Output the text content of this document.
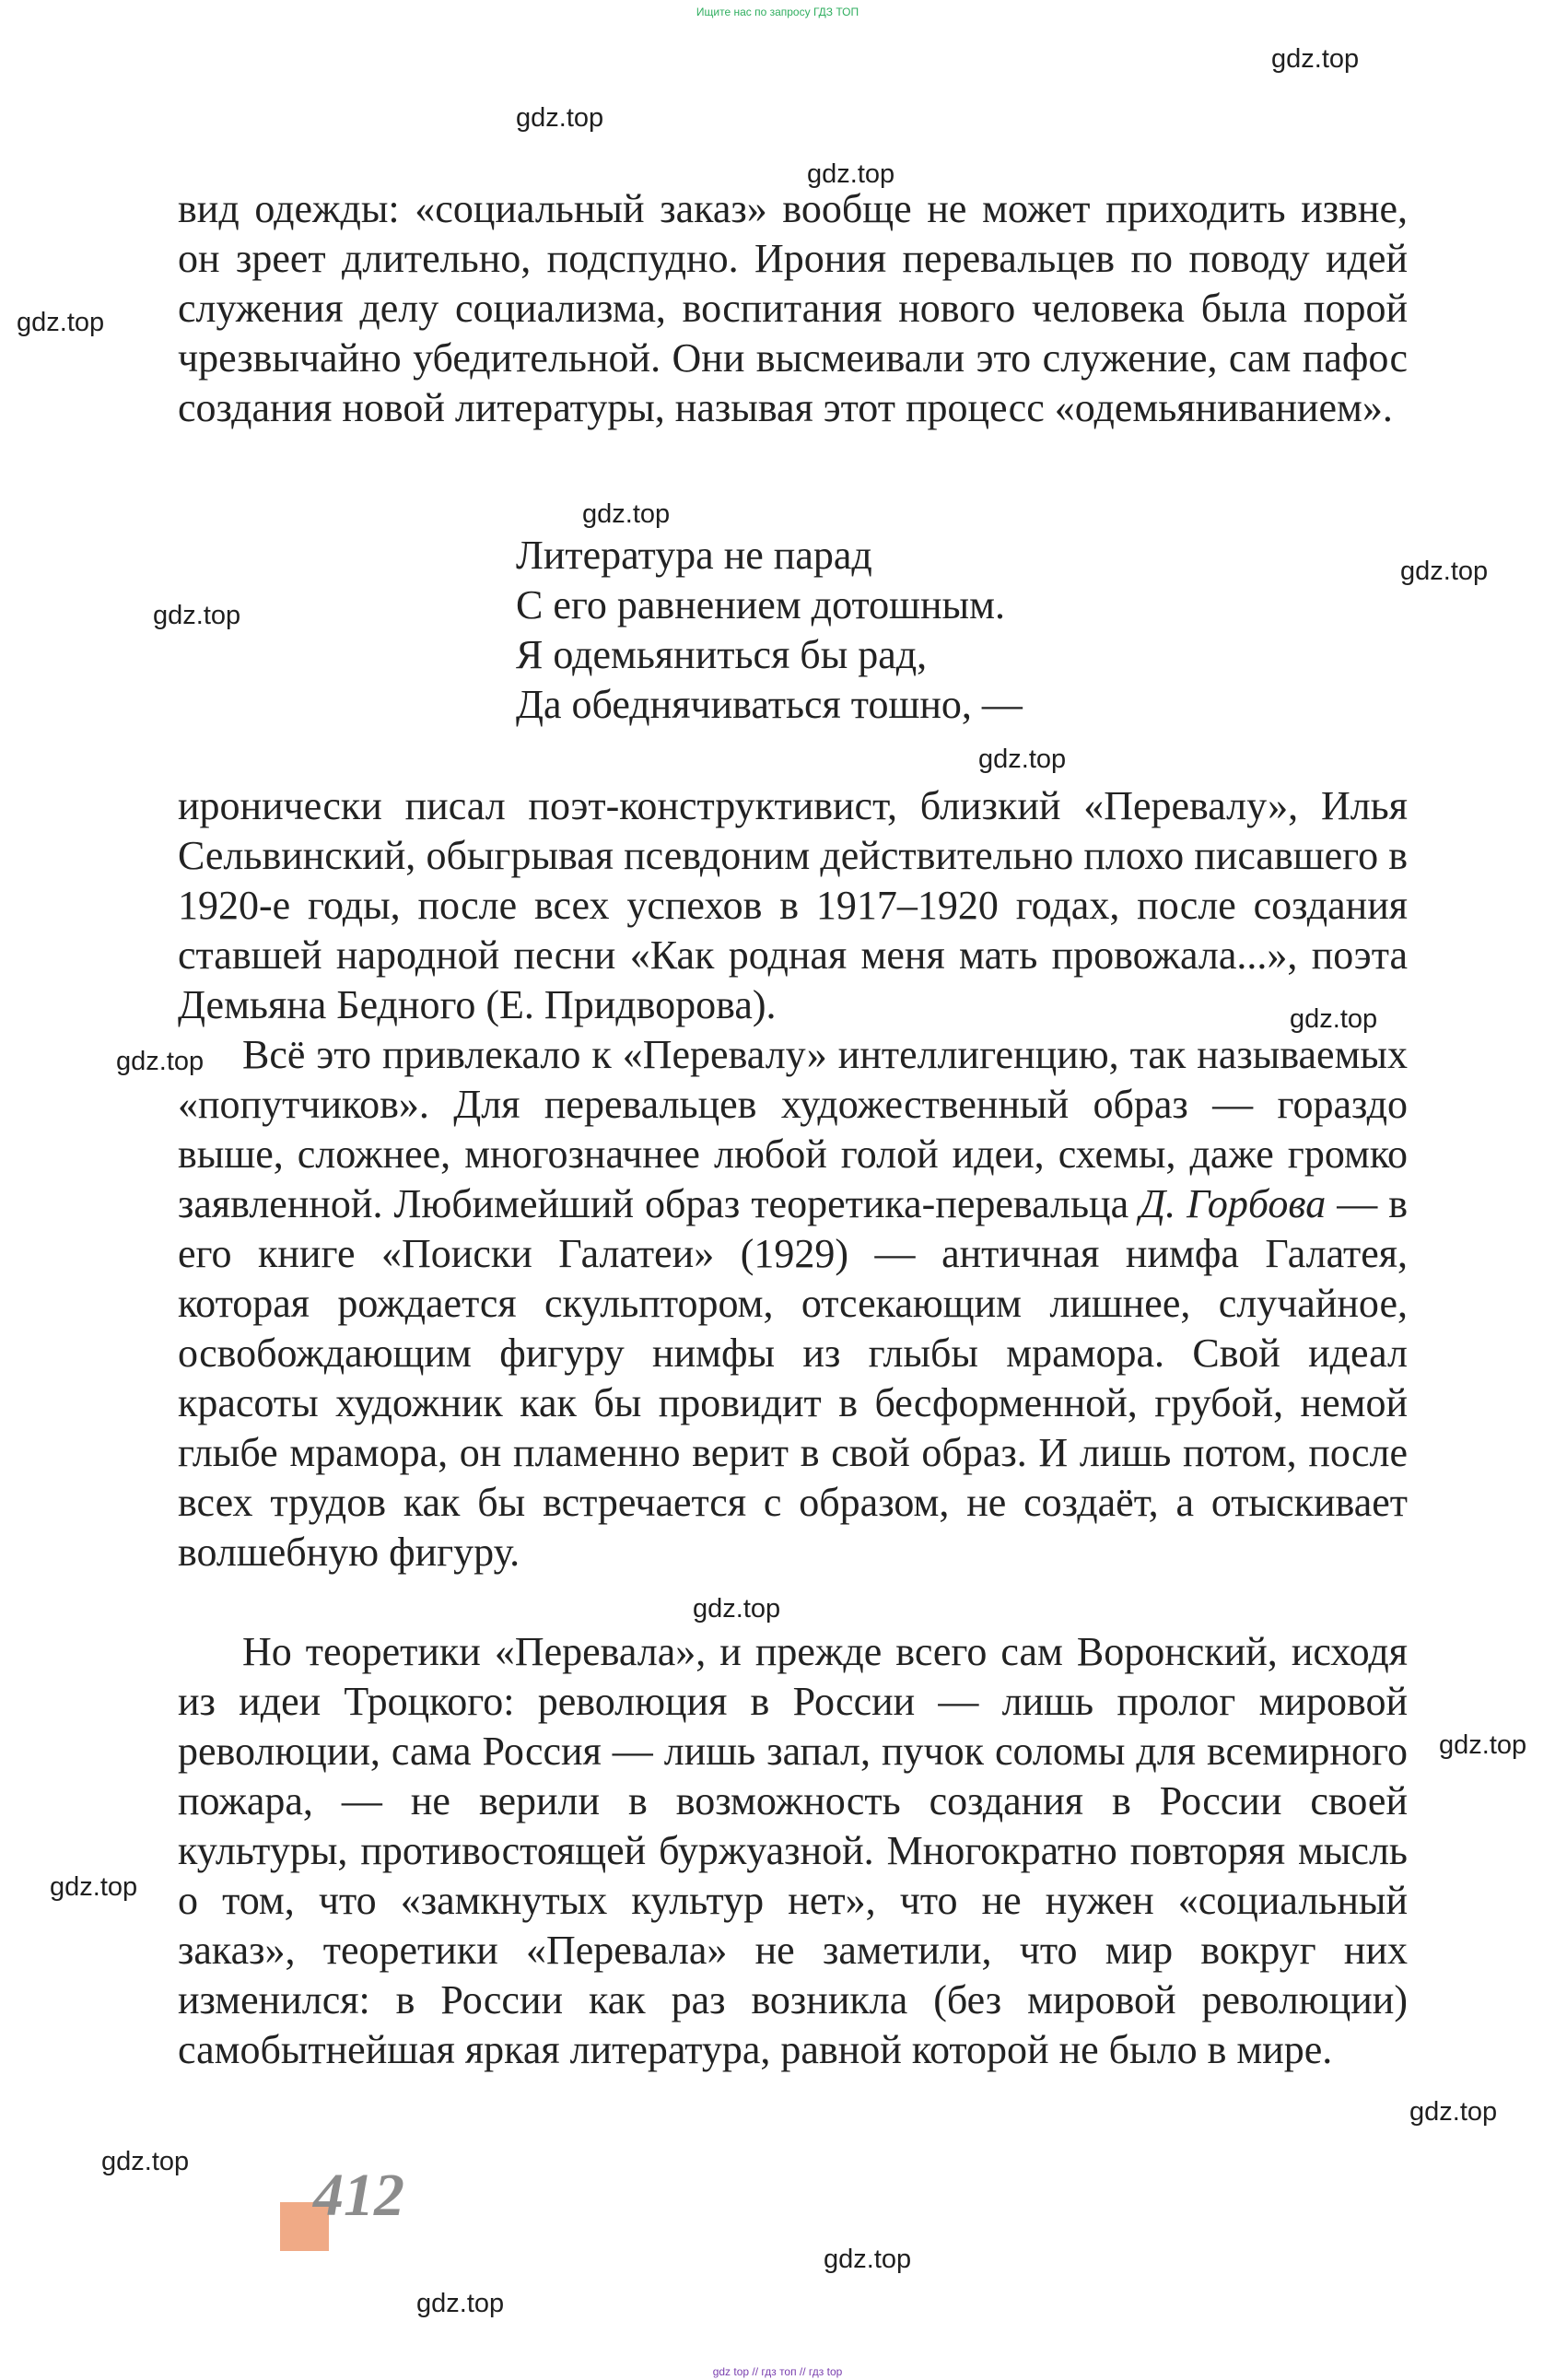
Ищите нас по запросу ГДЗ ТОП
gdz.top
gdz.top
gdz.top
gdz.top
gdz.top
gdz.top
gdz.top
gdz.top
gdz.top
gdz.top
gdz.top
gdz.top
gdz.top
gdz.top
gdz.top
gdz.top
gdz.top

вид одежды: «социальный заказ» вообще не может приходить извне, он зреет длительно, подспудно. Ирония перевальцев по поводу идей служения делу социализма, воспитания нового человека была порой чрезвычайно убедительной. Они высмеивали это служение, сам пафос создания новой литературы, называя этот процесс «одемьяниванием».

Литература не парад
С его равнением дотошным.
Я одемьяниться бы рад,
Да обеднячиваться тошно, —

иронически писал поэт-конструктивист, близкий «Перевалу», Илья Сельвинский, обыгрывая псевдоним действительно плохо писавшего в 1920-е годы, после всех успехов в 1917–1920 годах, после создания ставшей народной песни «Как родная меня мать провожала...», поэта Демьяна Бедного (Е. Придворова).

Всё это привлекало к «Перевалу» интеллигенцию, так называемых «попутчиков». Для перевальцев художественный образ — гораздо выше, сложнее, многозначнее любой голой идеи, схемы, даже громко заявленной. Любимейший образ теоретика-перевальца Д. Горбова — в его книге «Поиски Галатеи» (1929) — античная нимфа Галатея, которая рождается скульптором, отсекающим лишнее, случайное, освобождающим фигуру нимфы из глыбы мрамора. Свой идеал красоты художник как бы провидит в бесформенной, грубой, немой глыбе мрамора, он пламенно верит в свой образ. И лишь потом, после всех трудов как бы встречается с образом, не создаёт, а отыскивает волшебную фигуру.

Но теоретики «Перевала», и прежде всего сам Воронский, исходя из идеи Троцкого: революция в России — лишь пролог мировой революции, сама Россия — лишь запал, пучок соломы для всемирного пожара, — не верили в возможность создания в России своей культуры, противостоящей буржуазной. Многократно повторяя мысль о том, что «замкнутых культур нет», что не нужен «социальный заказ», теоретики «Перевала» не заметили, что мир вокруг них изменился: в России как раз возникла (без мировой революции) самобытнейшая яркая литература, равной которой не было в мире.

412
gdz top // гдз топ // гдз top
